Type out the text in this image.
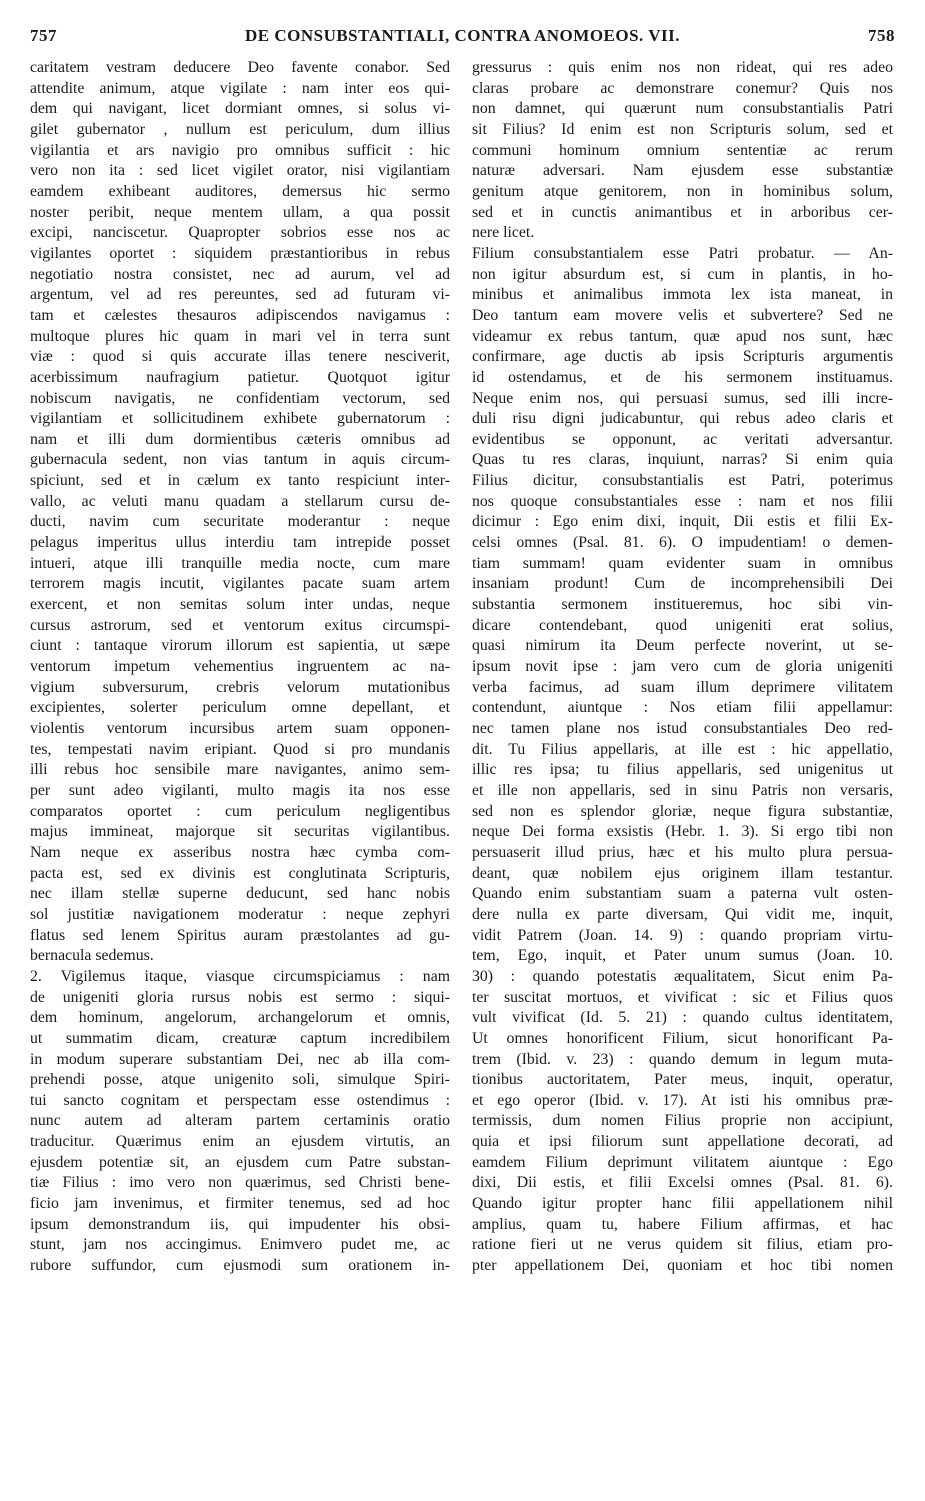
757	DE CONSUBSTANTIALI, CONTRA ANOMOEOS. VII.	758
caritatem vestram deducere Deo favente conabor. Sed
attendite animum, atque vigilate : nam inter eos qui-
dem qui navigant, licet dormiant omnes, si solus vi-
gilet gubernator , nullum est periculum, dum illius
vigilantia et ars navigio pro omnibus sufficit : hic
vero non ita : sed licet vigilet orator, nisi vigilantiam
eamdem exhibeant auditores, demersus hic sermo
noster peribit, neque mentem ullam, a qua possit
excipi, nanciscetur. Quapropter sobrios esse nos ac
vigilantes oportet : siquidem præstantioribus in rebus
negotiatio nostra consistet, nec ad aurum, vel ad
argentum, vel ad res pereuntes, sed ad futuram vi-
tam et cælestes thesauros adipiscendos navigamus :
multoque plures hic quam in mari vel in terra sunt
viæ : quod si quis accurate illas tenere nesciverit,
acerbissimum naufragium patietur. Quotquot igitur
nobiscum navigatis, ne confidentiam vectorum, sed
vigilantiam et sollicitudinem exhibete gubernatorum :
nam et illi dum dormientibus cæteris omnibus ad
gubernacula sedent, non vias tantum in aquis circum-
spiciunt, sed et in cælum ex tanto respiciunt inter-
vallo, ac veluti manu quadam a stellarum cursu de-
ducti, navim cum securitate moderantur : neque
pelagus imperitus ullus interdiu tam intrepide posset
intueri, atque illi tranquille media nocte, cum mare
terrorem magis incutit, vigilantes pacate suam artem
exercent, et non semitas solum inter undas, neque
cursus astrorum, sed et ventorum exitus circumspi-
ciunt : tantaque virorum illorum est sapientia, ut sæpe
ventorum impetum vehementius ingruentem ac na-
vigium subversurum, crebris velorum mutationibus
excipientes, solerter periculum omne depellant, et
violentis ventorum incursibus artem suam opponen-
tes, tempestati navim eripiant. Quod si pro mundanis
illi rebus hoc sensibile mare navigantes, animo sem-
per sunt adeo vigilanti, multo magis ita nos esse
comparatos oportet : cum periculum negligentibus
majus immineat, majorque sit securitas vigilantibus.
Nam neque ex asseribus nostra hæc cymba com-
pacta est, sed ex divinis est conglutinata Scripturis,
nec illam stellæ superne deducunt, sed hanc nobis
sol justitiæ navigationem moderatur : neque zephyri
flatus sed lenem Spiritus auram præstolantes ad gu-
bernacula sedemus.
2. Vigilemus itaque, viasque circumspiciamus : nam
de unigeniti gloria rursus nobis est sermo : siqui-
dem hominum, angelorum, archangelorum et omnis,
ut summatim dicam, creaturæ captum incredibilem
in modum superare substantiam Dei, nec ab illa com-
prehendi posse, atque unigenito soli, simulque Spiri-
tui sancto cognitam et perspectam esse ostendimus :
nunc autem ad alteram partem certaminis oratio
traducitur. Quærimus enim an ejusdem virtutis, an
ejusdem potentiæ sit, an ejusdem cum Patre substan-
tiæ Filius : imo vero non quærimus, sed Christi bene-
ficio jam invenimus, et firmiter tenemus, sed ad hoc
ipsum demonstrandum iis, qui impudenter his obsi-
stunt, jam nos accingimus. Enimvero pudet me, ac
rubore suffundor, cum ejusmodi sum orationem in-
gressurus : quis enim nos non rideat, qui res adeo
claras probare ac demonstrare conemur? Quis nos
non damnet, qui quærunt num consubstantialis Patri
sit Filius? Id enim est non Scripturis solum, sed et
communi hominum omnium sententiæ ac rerum
naturæ adversari. Nam ejusdem esse substantiæ
genitum atque genitorem, non in hominibus solum,
sed et in cunctis animantibus et in arboribus cer-
nere licet.
Filium consubstantialem esse Patri probatur. — An-
non igitur absurdum est, si cum in plantis, in ho-
minibus et animalibus immota lex ista maneat, in
Deo tantum eam movere velis et subvertere? Sed ne
videamur ex rebus tantum, quæ apud nos sunt, hæc
confirmare, age ductis ab ipsis Scripturis argumentis
id ostendamus, et de his sermonem instituamus.
Neque enim nos, qui persuasi sumus, sed illi incre-
duli risu digni judicabuntur, qui rebus adeo claris et
evidentibus se opponunt, ac veritati adversantur.
Quas tu res claras, inquiunt, narras? Si enim quia
Filius dicitur, consubstantialis est Patri, poterimus
nos quoque consubstantiales esse : nam et nos filii
dicimur : Ego enim dixi, inquit, Dii estis et filii Ex-
celsi omnes (Psal. 81. 6). O impudentiam! o demen-
tiam summam! quam evidenter suam in omnibus
insaniam produnt! Cum de incomprehensibili Dei
substantia sermonem institueremus, hoc sibi vin-
dicare contendebant, quod unigeniti erat solius,
quasi nimirum ita Deum perfecte noverint, ut se-
ipsum novit ipse : jam vero cum de gloria unigeniti
verba facimus, ad suam illum deprimere vilitatem
contendunt, aiuntque : Nos etiam filii appellamur:
nec tamen plane nos istud consubstantiales Deo red-
dit. Tu Filius appellaris, at ille est : hic appellatio,
illic res ipsa; tu filius appellaris, sed unigenitus ut
et ille non appellaris, sed in sinu Patris non versaris,
sed non es splendor gloriæ, neque figura substantiæ,
neque Dei forma exsistis (Hebr. 1. 3). Si ergo tibi non
persuaserit illud prius, hæc et his multo plura persua-
deant, quæ nobilem ejus originem illam testantur.
Quando enim substantiam suam a paterna vult osten-
dere nulla ex parte diversam, Qui vidit me, inquit,
vidit Patrem (Joan. 14. 9) : quando propriam virtu-
tem, Ego, inquit, et Pater unum sumus (Joan. 10.
30) : quando potestatis æqualitatem, Sicut enim Pa-
ter suscitat mortuos, et vivificat : sic et Filius quos
vult vivificat (Id. 5. 21) : quando cultus identitatem,
Ut omnes honorificent Filium, sicut honorificant Pa-
trem (Ibid. v. 23) : quando demum in legum muta-
tionibus auctoritatem, Pater meus, inquit, operatur,
et ego operor (Ibid. v. 17). At isti his omnibus præ-
termissis, dum nomen Filius proprie non accipiunt,
quia et ipsi filiorum sunt appellatione decorati, ad
eamdem Filium deprimunt vilitatem aiuntque : Ego
dixi, Dii estis, et filii Excelsi omnes (Psal. 81. 6).
Quando igitur propter hanc filii appellationem nihil
amplius, quam tu, habere Filium affirmas, et hac
ratione fieri ut ne verus quidem sit filius, etiam pro-
pter appellationem Dei, quoniam et hoc tibi nomen
